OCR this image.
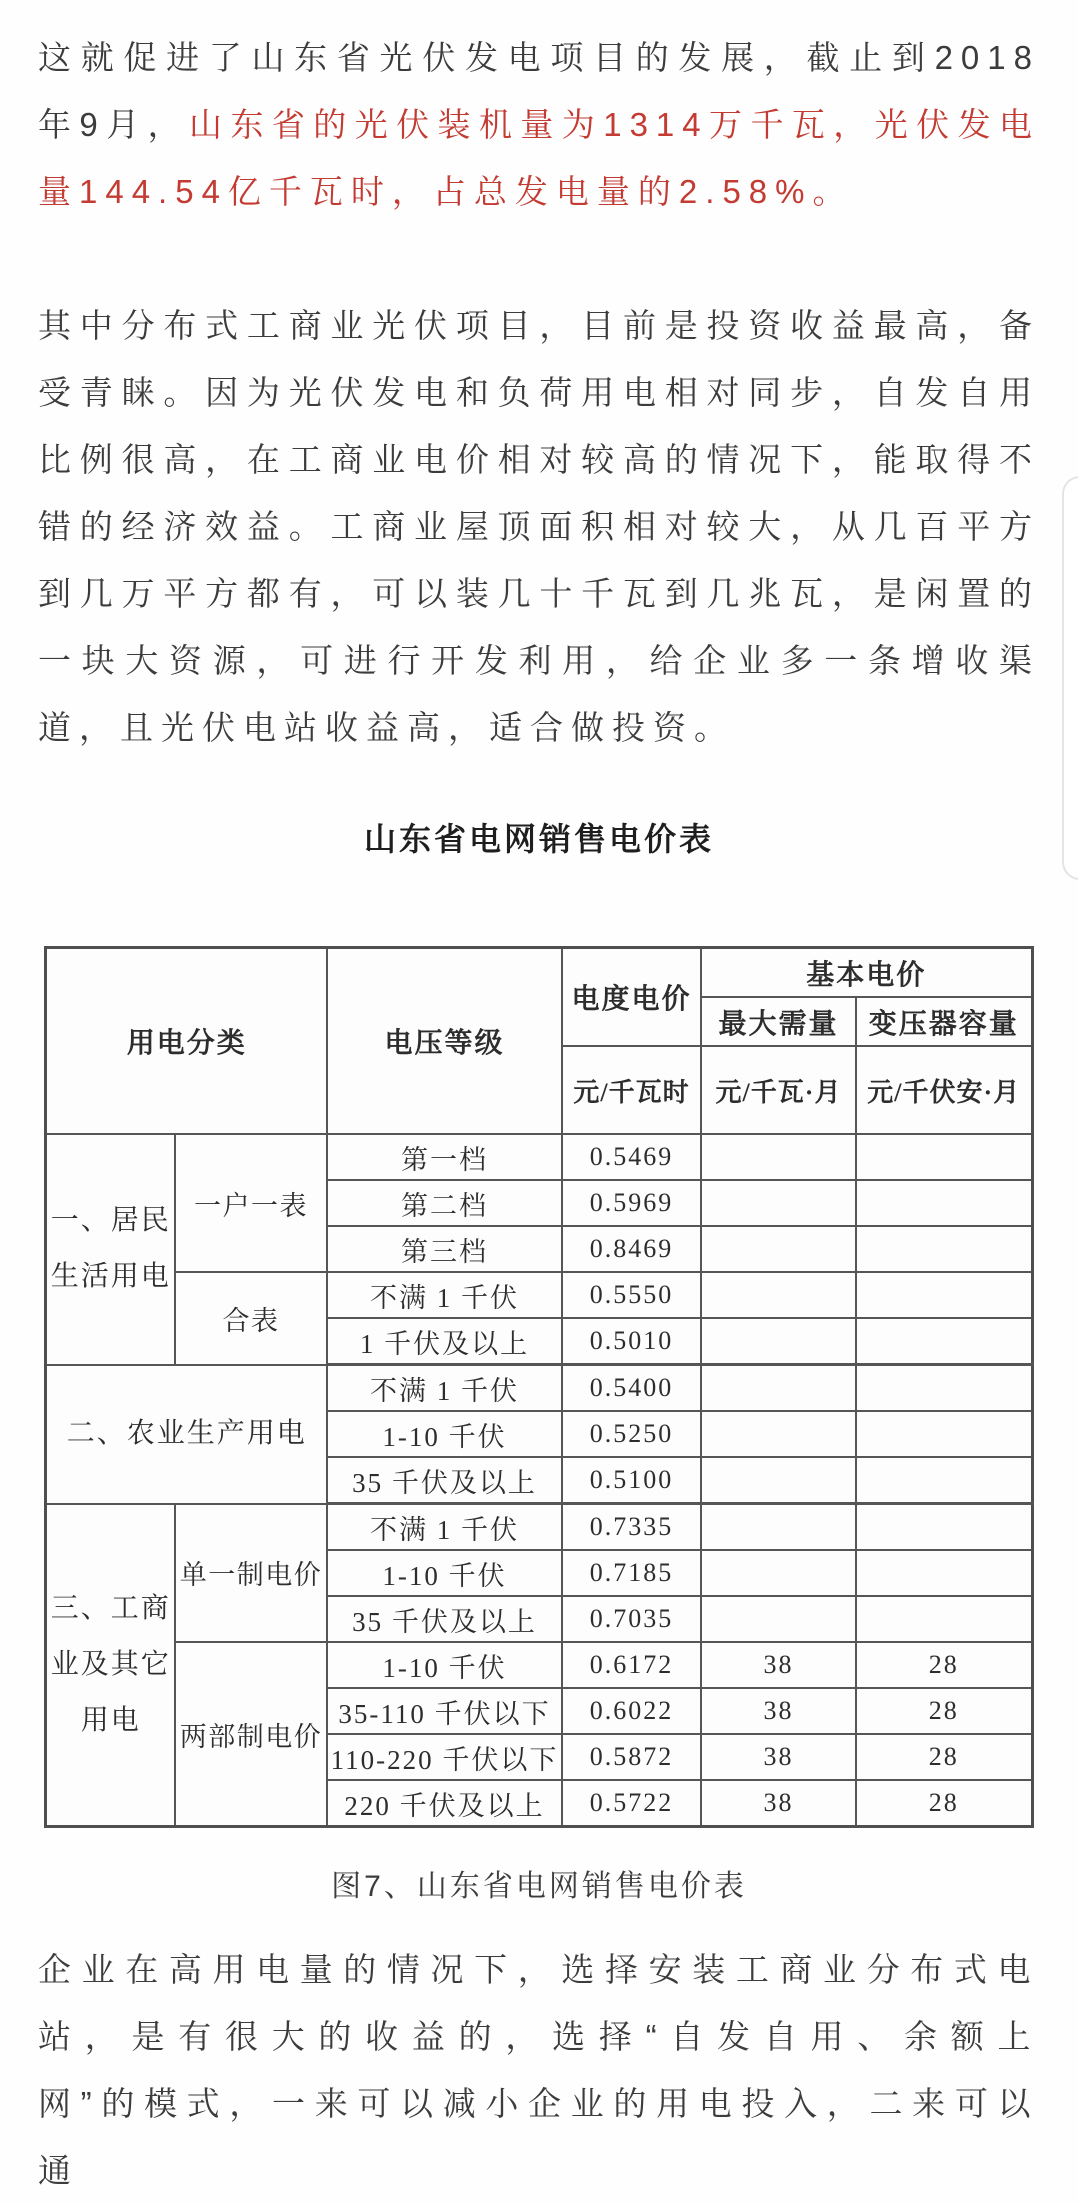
这就促进了山东省光伏发电项目的发展，截止到2018年9月，山东省的光伏装机量为1314万千瓦，光伏发电量144.54亿千瓦时，占总发电量的2.58%。

其中分布式工商业光伏项目，目前是投资收益最高，备受青睐。因为光伏发电和负荷用电相对同步，自发自用比例很高，在工商业电价相对较高的情况下，能取得不错的经济效益。工商业屋顶面积相对较大，从几百平方到几万平方都有，可以装几十千瓦到几兆瓦，是闲置的一块大资源，可进行开发利用，给企业多一条增收渠道，且光伏电站收益高，适合做投资。

山东省电网销售电价表
用电分类		电压等级	电度电价	基本电价	
				最大需量	变压器容量
			元/千瓦时	元/千瓦·月	元/千伏安·月
一、居民生活用电	一户一表	第一档	0.5469		
		第二档	0.5969		
		第三档	0.8469		
	合表	不满 1 千伏	0.5550		
		1 千伏及以上	0.5010		
二、农业生产用电		不满 1 千伏	0.5400		
		1-10 千伏	0.5250		
		35 千伏及以上	0.5100		
三、工商业及其它用电	单一制电价	不满 1 千伏	0.7335		
		1-10 千伏	0.7185		
		35 千伏及以上	0.7035		
	两部制电价	1-10 千伏	0.6172	38	28
		35-110 千伏以下	0.6022	38	28
		110-220 千伏以下	0.5872	38	28
		220 千伏及以上	0.5722	38	28
图7、山东省电网销售电价表

企业在高用电量的情况下，选择安装工商业分布式电站，是有很大的收益的，选择“自发自用、余额上网”的模式，一来可以减小企业的用电投入，二来可以通
